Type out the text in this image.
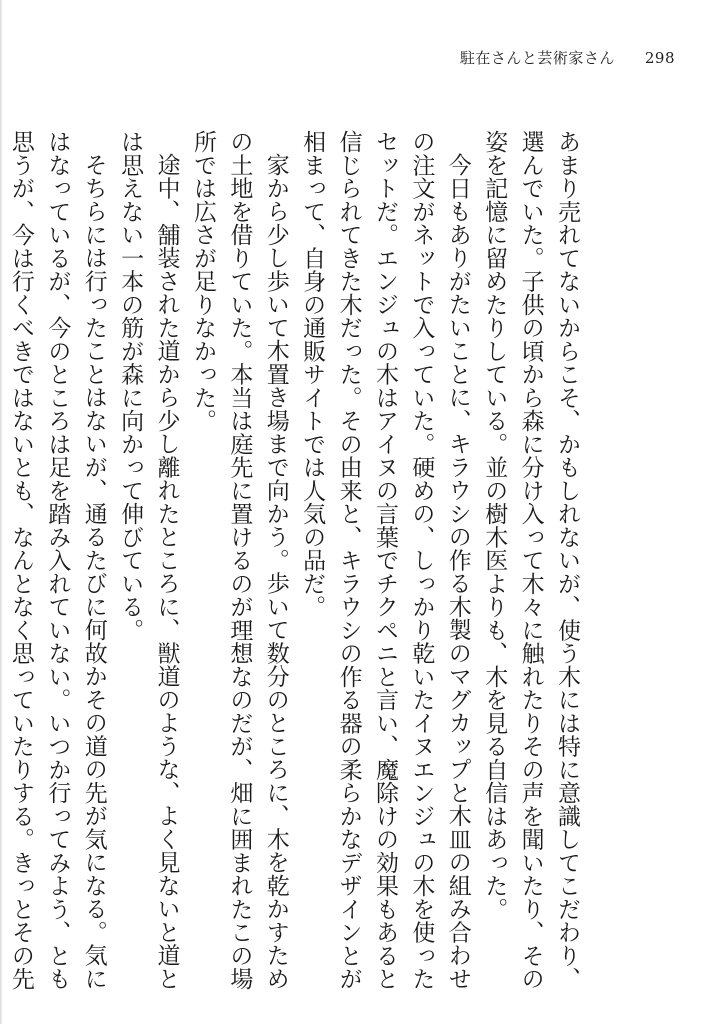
駐在さんと芸術家さん 298

あまり売れてないからこそ、かもしれないが、使う木には特に意識してこだわり、選んでいた。子供の頃から森に分け入って木々に触れたりその声を聞いたり、その姿を記憶に留めたりしている。並の樹木医よりも、木を見る自信はあった。

今日もありがたいことに、キラウシの作る木製のマグカップと木皿の組み合わせの注文がネットで入っていた。硬めの、しっかり乾いたイヌエンジュの木を使ったセットだ。エンジュの木はアイヌの言葉でチクペニと言い、魔除けの効果もあると信じられてきた木だった。その由来と、キラウシの作る器の柔らかなデザインとが相まって、自身の通販サイトでは人気の品だ。

家から少し歩いて木置き場まで向かう。歩いて数分のところに、木を乾かすための土地を借りていた。本当は庭先に置けるのが理想なのだが、畑に囲まれたこの場所では広さが足りなかった。

途中、舗装された道から少し離れたところに、獣道のような、よく見ないと道とは思えない一本の筋が森に向かって伸びている。

そちらには行ったことはないが、通るたびに何故かその道の先が気になる。気にはなっているが、今のところは足を踏み入れていない。いつか行ってみよう、とも思うが、今は行くべきではないとも、なんとなく思っていたりする。きっとその先
